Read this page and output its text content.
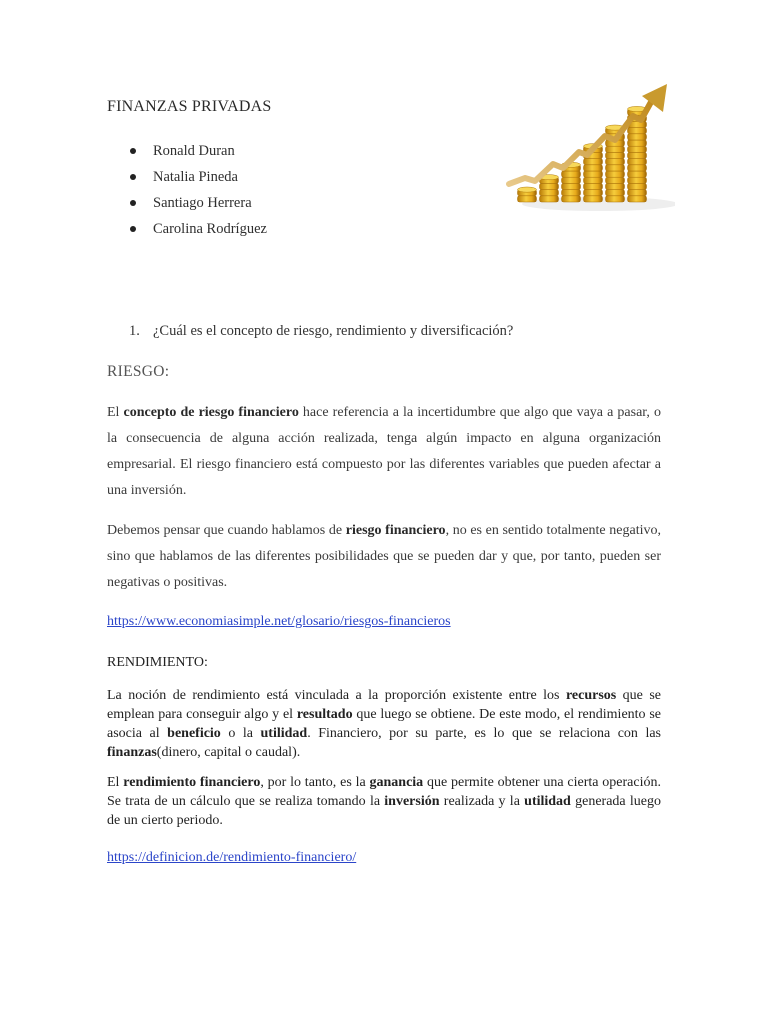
FINANZAS PRIVADAS
Ronald Duran
Natalia Pineda
Santiago Herrera
Carolina Rodríguez
1. ¿Cuál es el concepto de riesgo, rendimiento y diversificación?
RIESGO:

El concepto de riesgo financiero hace referencia a la incertidumbre que algo que vaya a pasar, o la consecuencia de alguna acción realizada, tenga algún impacto en alguna organización empresarial. El riesgo financiero está compuesto por las diferentes variables que pueden afectar a una inversión.

Debemos pensar que cuando hablamos de riesgo financiero, no es en sentido totalmente negativo, sino que hablamos de las diferentes posibilidades que se pueden dar y que, por tanto, pueden ser negativas o positivas.

https://www.economiasimple.net/glosario/riesgos-financieros
RENDIMIENTO:

La noción de rendimiento está vinculada a la proporción existente entre los recursos que se emplean para conseguir algo y el resultado que luego se obtiene. De este modo, el rendimiento se asocia al beneficio o la utilidad. Financiero, por su parte, es lo que se relaciona con las finanzas(dinero, capital o caudal).

El rendimiento financiero, por lo tanto, es la ganancia que permite obtener una cierta operación. Se trata de un cálculo que se realiza tomando la inversión realizada y la utilidad generada luego de un cierto periodo.

https://definicion.de/rendimiento-financiero/
